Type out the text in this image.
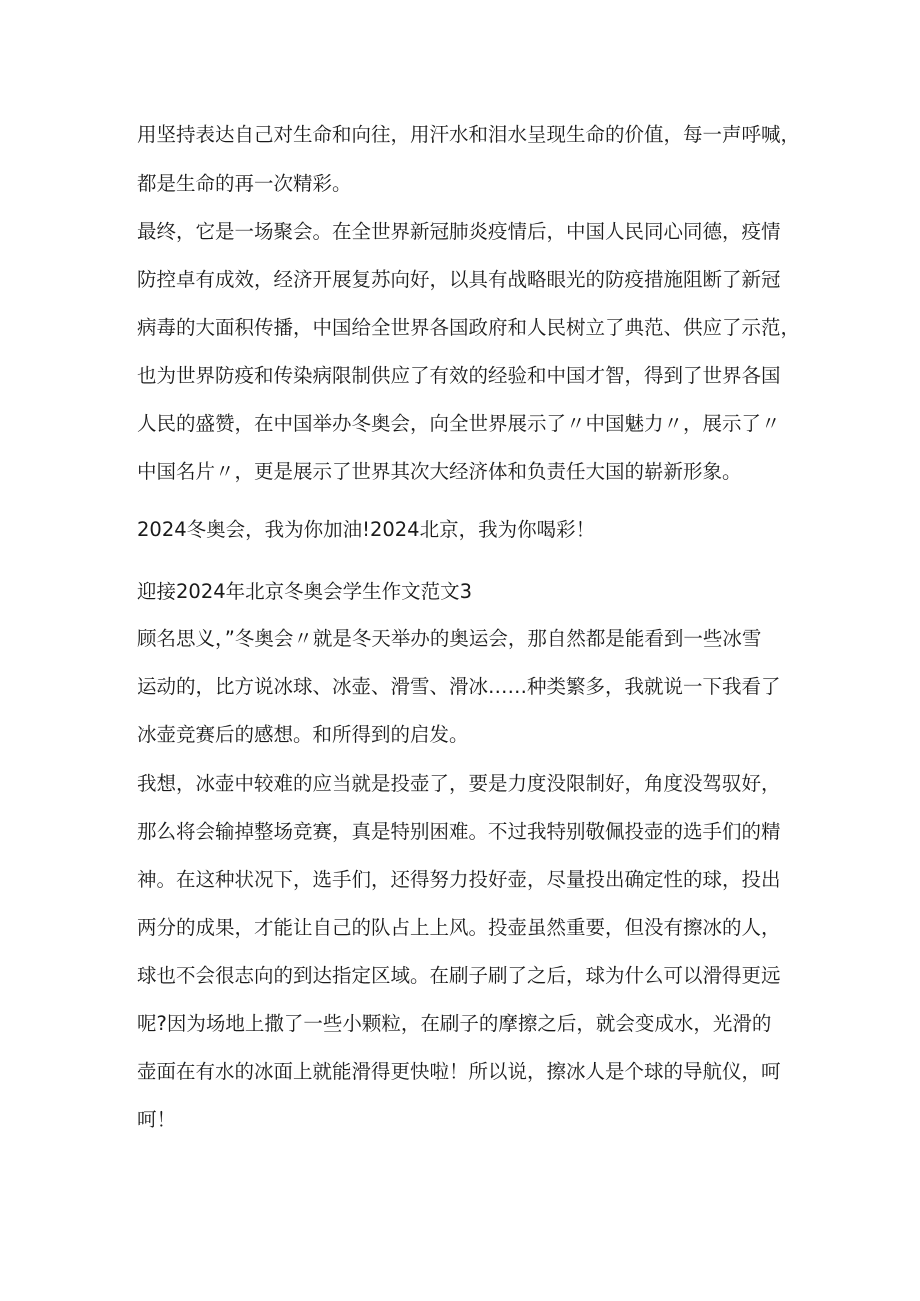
用坚持表达自己对生命和向往，用汗水和泪水呈现生命的价值，每一声呼喊，
都是生命的再一次精彩。
最终，它是一场聚会。在全世界新冠肺炎疫情后，中国人民同心同德，疫情
防控卓有成效，经济开展复苏向好，以具有战略眼光的防疫措施阻断了新冠
病毒的大面积传播，中国给全世界各国政府和人民树立了典范、供应了示范，
也为世界防疫和传染病限制供应了有效的经验和中国才智，得到了世界各国
人民的盛赞，在中国举办冬奥会，向全世界展示了〃中国魅力〃，展示了〃
中国名片〃，更是展示了世界其次大经济体和负责任大国的崭新形象。
2024冬奥会，我为你加油!2024北京，我为你喝彩！
迎接2024年北京冬奥会学生作文范文3
顾名思义，”冬奥会〃就是冬天举办的奥运会，那自然都是能看到一些冰雪
运动的，比方说冰球、冰壶、滑雪、滑冰……种类繁多，我就说一下我看了
冰壶竞赛后的感想。和所得到的启发。
我想，冰壶中较难的应当就是投壶了，要是力度没限制好，角度没驾驭好，
那么将会输掉整场竞赛，真是特别困难。不过我特别敬佩投壶的选手们的精
神。在这种状况下，选手们，还得努力投好壶，尽量投出确定性的球，投出
两分的成果，才能让自己的队占上上风。投壶虽然重要，但没有擦冰的人，
球也不会很志向的到达指定区域。在刷子刷了之后，球为什么可以滑得更远
呢?因为场地上撒了一些小颗粒，在刷子的摩擦之后，就会变成水，光滑的
壶面在有水的冰面上就能滑得更快啦！所以说，擦冰人是个球的导航仪，呵
呵！
